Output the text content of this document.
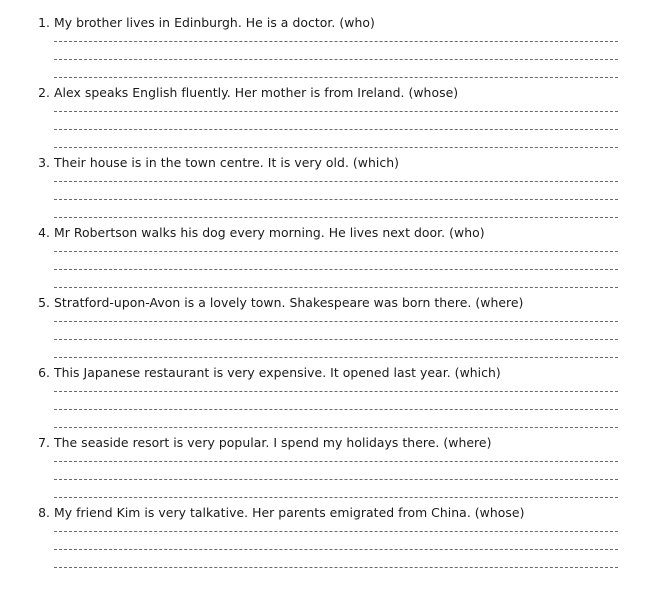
1. My brother lives in Edinburgh. He is a doctor. (who)
2. Alex speaks English fluently. Her mother is from Ireland. (whose)
3. Their house is in the town centre. It is very old. (which)
4. Mr Robertson walks his dog every morning. He lives next door. (who)
5. Stratford-upon-Avon is a lovely town. Shakespeare was born there. (where)
6. This Japanese restaurant is very expensive. It opened last year. (which)
7. The seaside resort is very popular. I spend my holidays there. (where)
8. My friend Kim is very talkative. Her parents emigrated from China. (whose)
